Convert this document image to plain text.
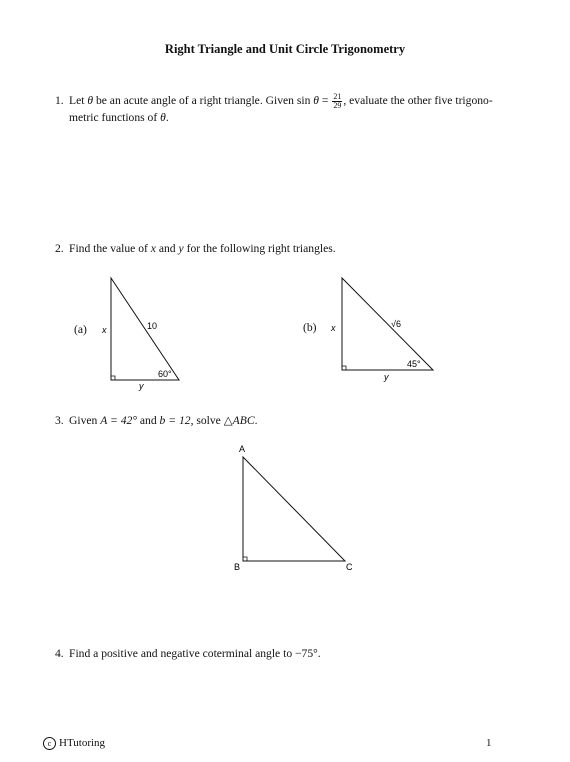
Right Triangle and Unit Circle Trigonometry
1. Let θ be an acute angle of a right triangle. Given $\sin \theta = \frac{21}{29}$ , evaluate the other five trigono-
metric functions of θ.
2. Find the value of x and y for the following right triangles.
(a) x	10
y
60°
(b) x	√6
y
45°
3. Given A = 42° and b = 12, solve △ABC.
A
B	C
4. Find a positive and negative coterminal angle to −75°.
c HTutoring	1
